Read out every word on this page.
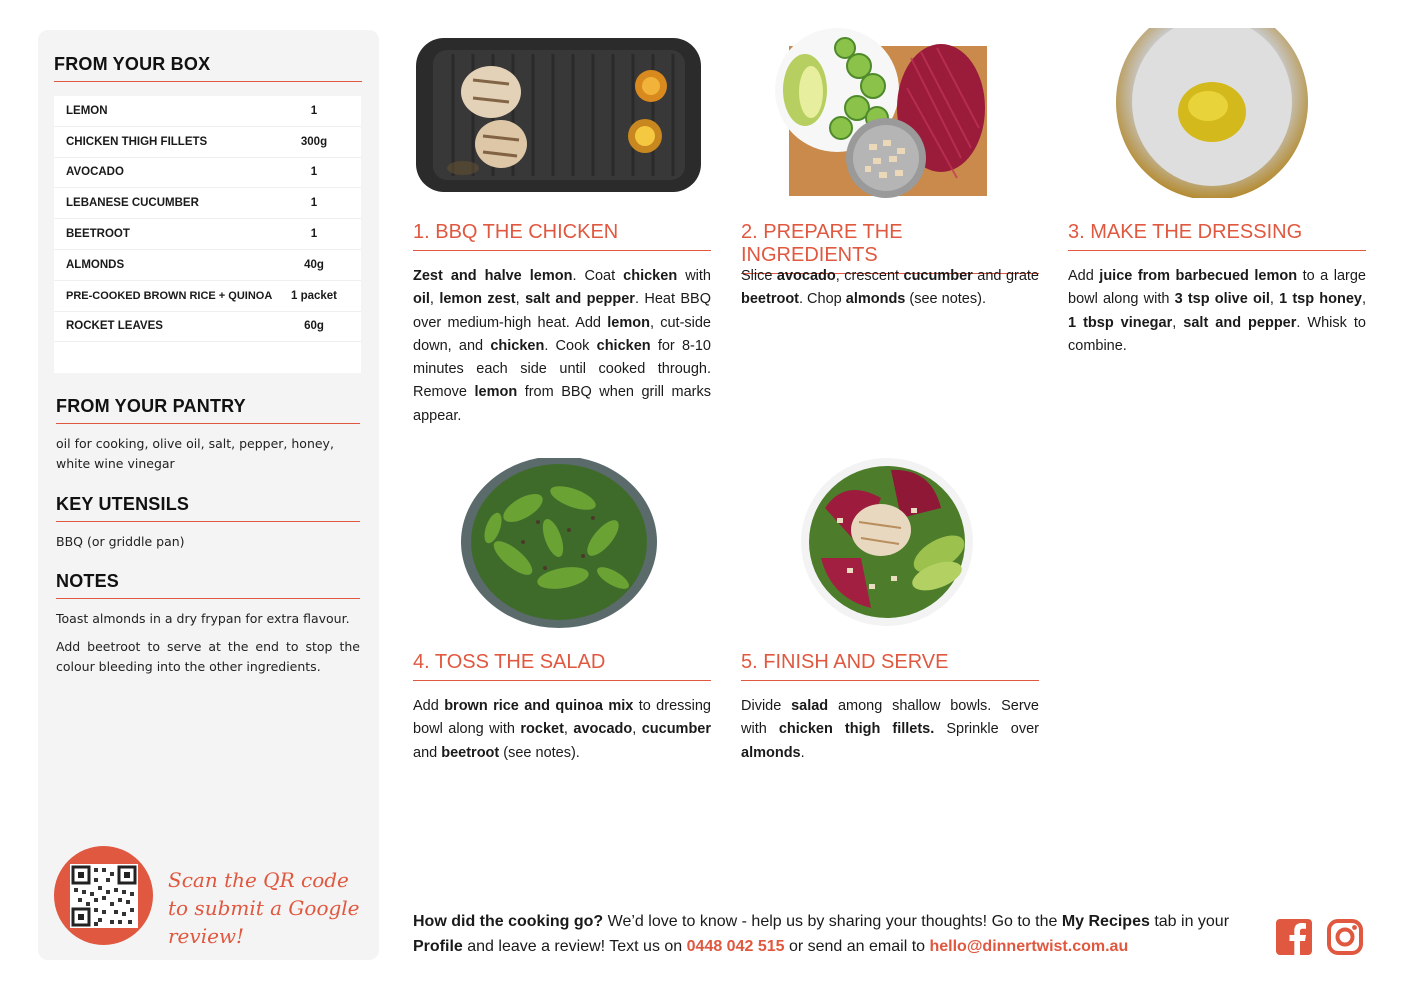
FROM YOUR BOX
LEMON	1
CHICKEN THIGH FILLETS	300g
AVOCADO	1
LEBANESE CUCUMBER	1
BEETROOT	1
ALMONDS	40g
PRE-COOKED BROWN RICE + QUINOA	1 packet
ROCKET LEAVES	60g
FROM YOUR PANTRY

oil for cooking, olive oil, salt, pepper, honey, white wine vinegar

KEY UTENSILS

BBQ (or griddle pan)

NOTES

Toast almonds in a dry frypan for extra flavour.

Add beetroot to serve at the end to stop the colour bleeding into the other ingredients.

Scan the QR code to submit a Google review!
1. BBQ THE CHICKEN
Zest and halve lemon. Coat chicken with oil, lemon zest, salt and pepper. Heat BBQ over medium-high heat. Add lemon, cut-side down, and chicken. Cook chicken for 8-10 minutes each side until cooked through. Remove lemon from BBQ when grill marks appear.
2. PREPARE THE INGREDIENTS
Slice avocado, crescent cucumber and grate beetroot. Chop almonds (see notes).
3. MAKE THE DRESSING
Add juice from barbecued lemon to a large bowl along with 3 tsp olive oil, 1 tsp honey, 1 tbsp vinegar, salt and pepper. Whisk to combine.
4. TOSS THE SALAD
Add brown rice and quinoa mix to dressing bowl along with rocket, avocado, cucumber and beetroot (see notes).
5. FINISH AND SERVE
Divide salad among shallow bowls. Serve with chicken thigh fillets. Sprinkle over almonds.
How did the cooking go? We’d love to know - help us by sharing your thoughts! Go to the My Recipes tab in your Profile and leave a review! Text us on 0448 042 515 or send an email to hello@dinnertwist.com.au
